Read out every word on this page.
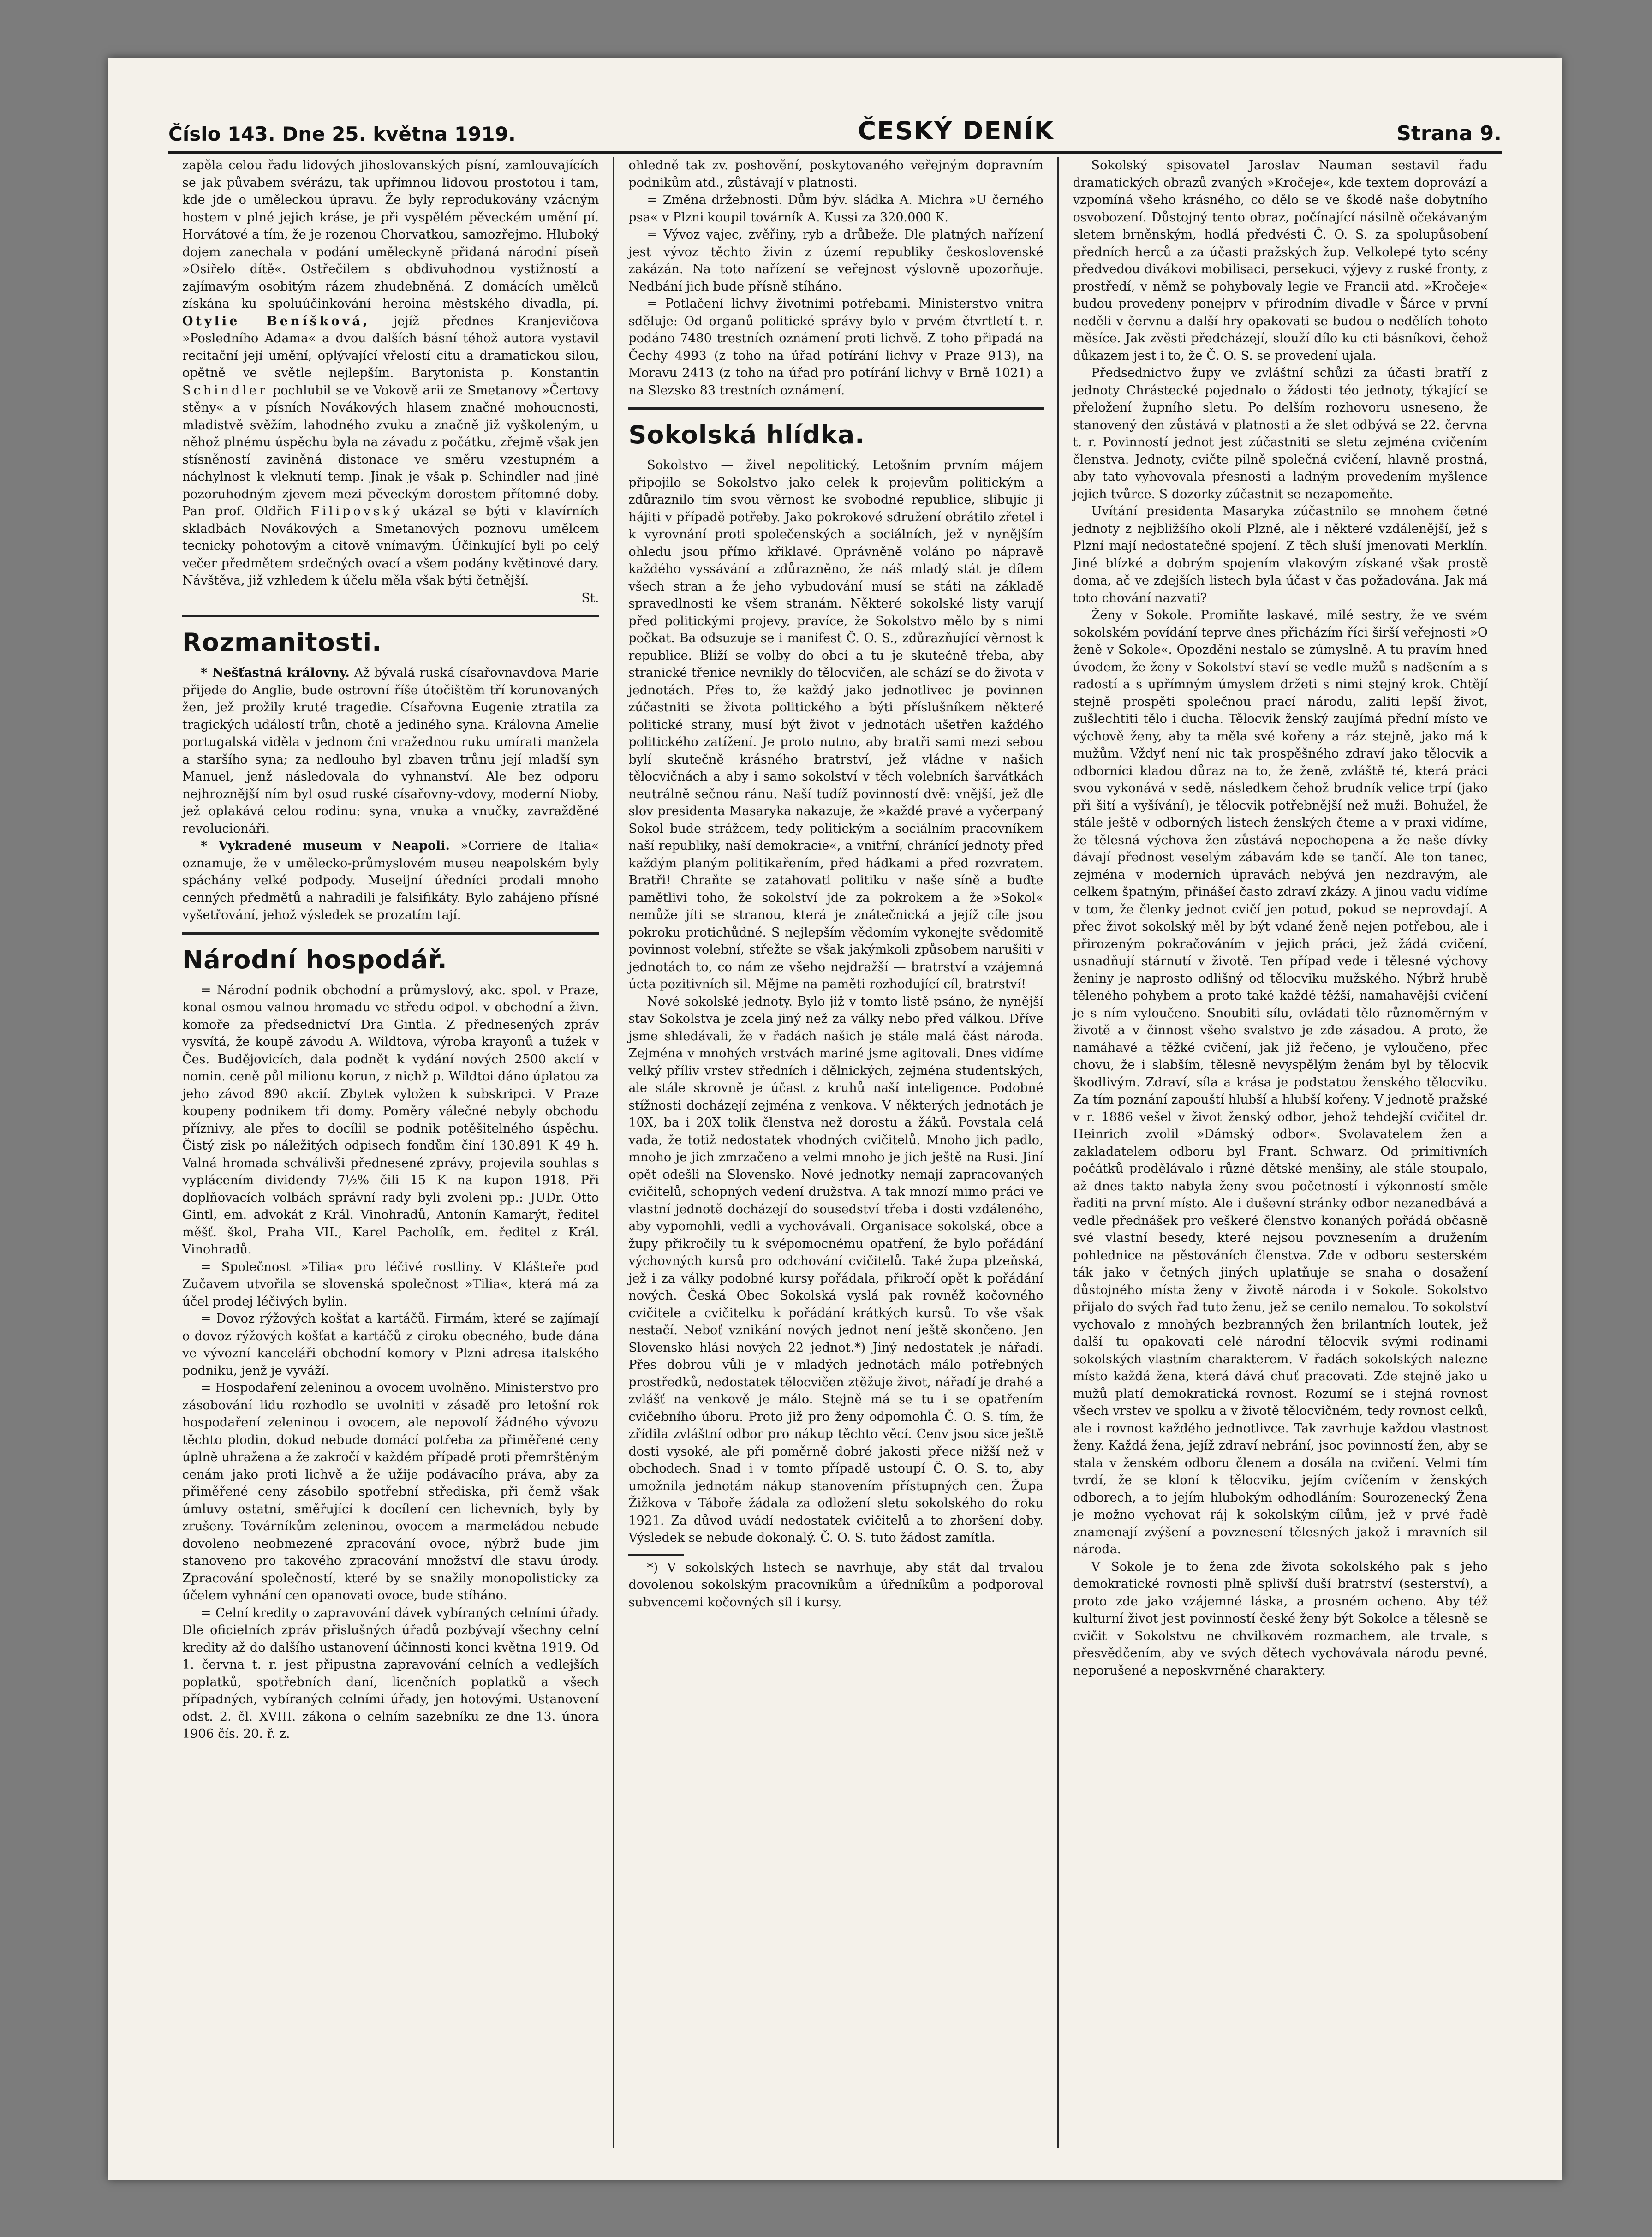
Číslo 143. Dne 25. května 1919.	ČESKÝ DENÍK	Strana 9.

zapěla celou řadu lidových jihoslovanských písní, zamlouvajících se jak půvabem svérázu, tak upřímnou lidovou prostotou i tam, kde jde o uměleckou úpravu. Že byly reprodukovány vzácným hostem v plné jejich kráse, je při vyspělém pěveckém umění pí. Horvátové a tím, že je rozenou Chorvatkou, samozřejmo. Hluboký dojem zanechala v podání uměleckyně přidaná národní píseň »Osiřelo dítě«. Ostřečilem s obdivuhodnou vystižností a zajímavým osobitým rázem zhudebněná. Z domácích umělců získána ku spoluúčinkování heroina městského divadla, pí. Otylie Beníšková, jejíž přednes Kranjevičova »Posledního Adama« a dvou dalších básní téhož autora vystavil recitační její umění, oplývající vřelostí citu a dramatickou silou, opětně ve světle nejlepším. Barytonista p. Konstantin Schindler pochlubil se ve Vokově arii ze Smetanovy »Čertovy stěny« a v písních Novákových hlasem značné mohoucnosti, mladistvě svěžím, lahodného zvuku a značně již vyškoleným, u něhož plnému úspěchu byla na závadu z počátku, zřejmě však jen stísněností zaviněná distonace ve směru vzestupném a náchylnost k vleknutí temp. Jinak je však p. Schindler nad jiné pozoruhodným zjevem mezi pěveckým dorostem přítomné doby. Pan prof. Oldřich Filipovský ukázal se býti v klavírních skladbách Novákových a Smetanových poznovu umělcem tecnicky pohotovým a citově vnímavým. Účinkující byli po celý večer předmětem srdečných ovací a všem podány květinové dary. Návštěva, již vzhledem k účelu měla však býti četnější.

St.

Rozmanitosti.

* Nešťastná královny. Až bývalá ruská císařovnavdova Marie přijede do Anglie, bude ostrovní říše útočištěm tří korunovaných žen, jež prožily kruté tragedie. Císařovna Eugenie ztratila za tragických událostí trůn, chotě a jediného syna. Královna Amelie portugalská viděla v jednom čni vražednou ruku umírati manžela a staršího syna; za nedlouho byl zbaven trůnu její mladší syn Manuel, jenž následovala do vyhnanství. Ale bez odporu nejhroznější ním byl osud ruské císařovny-vdovy, moderní Nioby, jež oplakává celou rodinu: syna, vnuka a vnučky, zavražděné revolucionáři.

* Vykradené museum v Neapoli. »Corriere de Italia« oznamuje, že v umělecko-průmyslovém museu neapolském byly spáchány velké podpody. Museijní úředníci prodali mnoho cenných předmětů a nahradili je falsifikáty. Bylo zahájeno přísné vyšetřování, jehož výsledek se prozatím tají.

Národní hospodář.

= Národní podnik obchodní a průmyslový, akc. spol. v Praze, konal osmou valnou hromadu ve středu odpol. v obchodní a živn. komoře za předsednictví Dra Gintla. Z přednesených zpráv vysvítá, že koupě závodu A. Wildtova, výroba krayonů a tužek v Čes. Budějovicích, dala podnět k vydání nových 2500 akcií v nomin. ceně půl milionu korun, z nichž p. Wildtoi dáno úplatou za jeho závod 890 akcií. Zbytek vyložen k subskripci. V Praze koupeny podnikem tři domy. Poměry válečné nebyly obchodu příznivy, ale přes to docílil se podnik potěšitelného úspěchu. Čistý zisk po náležitých odpisech fondům činí 130.891 K 49 h. Valná hromada schválivši přednesené zprávy, projevila souhlas s vyplácením dividendy 7½% čili 15 K na kupon 1918. Při doplňovacích volbách správní rady byli zvoleni pp.: JUDr. Otto Gintl, em. advokát z Král. Vinohradů, Antonín Kamarýt, ředitel měšť. škol, Praha VII., Karel Pacholík, em. ředitel z Král. Vinohradů.

= Společnost »Tilia« pro léčivé rostliny. V Klášteře pod Zučavem utvořila se slovenská společnost »Tilia«, která má za účel prodej léčivých bylin.

= Dovoz rýžových košťat a kartáčů. Firmám, které se zajímají o dovoz rýžových košťat a kartáčů z ciroku obecného, bude dána ve vývozní kanceláři obchodní komory v Plzni adresa italského podniku, jenž je vyváží.

= Hospodaření zeleninou a ovocem uvolněno. Ministerstvo pro zásobování lidu rozhodlo se uvolniti v zásadě pro letošní rok hospodaření zeleninou i ovocem, ale nepovolí žádného vývozu těchto plodin, dokud nebude domácí potřeba za přiměřené ceny úplně uhražena a že zakročí v každém případě proti přemrštěným cenám jako proti lichvě a že užije podávacího práva, aby za přiměřené ceny zásobilo spotřební střediska, při čemž však úmluvy ostatní, směřující k docílení cen lichevních, byly by zrušeny. Továrníkům zeleninou, ovocem a marmeládou nebude dovoleno neobmezené zpracování ovoce, nýbrž bude jim stanoveno pro takového zpracování množství dle stavu úrody. Zpracování společností, které by se snažily monopolisticky za účelem vyhnání cen opanovati ovoce, bude stíháno.

= Celní kredity o zapravování dávek vybíraných celními úřady. Dle oficielních zpráv přislušných úřadů pozbývají všechny celní kredity až do dalšího ustanovení účinnosti konci května 1919. Od 1. června t. r. jest připustna zapravování celních a vedlejších poplatků, spotřebních daní, licenčních poplatků a všech případných, vybíraných celními úřady, jen hotovými. Ustanovení odst. 2. čl. XVIII. zákona o celním sazebníku ze dne 13. února 1906 čís. 20. ř. z.

ohledně tak zv. poshovění, poskytovaného veřejným dopravním podnikům atd., zůstávají v platnosti.

= Změna držebnosti. Dům býv. sládka A. Michra »U černého psa« v Plzni koupil továrník A. Kussi za 320.000 K.

= Vývoz vajec, zvěřiny, ryb a drůbeže. Dle platných nařízení jest vývoz těchto živin z území republiky československé zakázán. Na toto nařízení se veřejnost výslovně upozorňuje. Nedbání jich bude přísně stíháno.

= Potlačení lichvy životními potřebami. Ministerstvo vnitra sděluje: Od organů politické správy bylo v prvém čtvrtletí t. r. podáno 7480 trestních oznámení proti lichvě. Z toho připadá na Čechy 4993 (z toho na úřad potírání lichvy v Praze 913), na Moravu 2413 (z toho na úřad pro potírání lichvy v Brně 1021) a na Slezsko 83 trestních oznámení.

Sokolská hlídka.

Sokolstvo — živel nepolitický. Letošním prvním májem připojilo se Sokolstvo jako celek k projevům politickým a zdůraznilo tím svou věrnost ke svobodné republice, slibujíc ji hájiti v případě potřeby. Jako pokrokové sdružení obrátilo zřetel i k vyrovnání proti společenských a sociálních, jež v nynějším ohledu jsou přímo křiklavé. Oprávněně voláno po nápravě každého vyssávání a zdůrazněno, že náš mladý stát je dílem všech stran a že jeho vybudování musí se státi na základě spravedlnosti ke všem stranám. Některé sokolské listy varují před politickými projevy, pravíce, že Sokolstvo mělo by s nimi počkat. Ba odsuzuje se i manifest Č. O. S., zdůrazňující věrnost k republice. Blíží se volby do obcí a tu je skutečně třeba, aby stranické třenice nevnikly do tělocvičen, ale schází se do života v jednotách. Přes to, že každý jako jednotlivec je povinnen zúčastniti se života politického a býti příslušníkem některé politické strany, musí být život v jednotách ušetřen každého politického zatížení. Je proto nutno, aby bratři sami mezi sebou bylí skutečně krásného bratrství, jež vládne v našich tělocvičnách a aby i samo sokolství v těch volebních šarvátkách neutrálně sečnou ránu. Naší tudíž povinností dvě: vnější, jež dle slov presidenta Masaryka nakazuje, že »každé pravé a vyčerpaný Sokol bude strážcem, tedy politickým a sociálním pracovníkem naší republiky, naší demokracie«, a vnitřní, chránící jednoty před každým planým politikařením, před hádkami a před rozvratem. Bratři! Chraňte se zatahovati politiku v naše síně a buďte pamětlivi toho, že sokolství jde za pokrokem a že »Sokol« nemůže jíti se stranou, která je znátečnická a jejíž cíle jsou pokroku protichůdné. S nejlepším vědomím vykonejte svědomitě povinnost volební, střežte se však jakýmkoli způsobem narušiti v jednotách to, co nám ze všeho nejdražší — bratrství a vzájemná úcta pozitivních sil. Mějme na paměti rozhodující cíl, bratrství!

Nové sokolské jednoty. Bylo již v tomto listě psáno, že nynější stav Sokolstva je zcela jiný než za války nebo před válkou. Dříve jsme shledávali, že v řadách našich je stále malá část národa. Zejména v mnohých vrstvách mariné jsme agitovali. Dnes vidíme velký příliv vrstev středních i dělnických, zejména studentských, ale stále skrovně je účast z kruhů naší inteligence. Podobné stížnosti docházejí zejména z venkova. V některých jednotách je 10X, ba i 20X tolik členstva než dorostu a žáků. Povstala celá vada, že totiž nedostatek vhodných cvičitelů. Mnoho jich padlo, mnoho je jich zmrzačeno a velmi mnoho je jich ještě na Rusi. Jiní opět odešli na Slovensko. Nové jednotky nemají zapracovaných cvičitelů, schopných vedení družstva. A tak mnozí mimo práci ve vlastní jednotě docházejí do sousedství třeba i dosti vzdáleného, aby vypomohli, vedli a vychovávali. Organisace sokolská, obce a župy přikročily tu k svépomocnému opatření, že bylo pořádání výchovných kursů pro odchování cvičitelů. Také župa plzeňská, jež i za války podobné kursy pořádala, přikročí opět k pořádání nových. Česká Obec Sokolská vyslá pak rovněž kočovného cvičitele a cvičitelku k pořádání krátkých kursů. To vše však nestačí. Neboť vznikání nových jednot není ještě skončeno. Jen Slovensko hlásí nových 22 jednot.*) Jiný nedostatek je nářadí. Přes dobrou vůli je v mladých jednotách málo potřebných prostředků, nedostatek tělocvičen ztěžuje život, nářadí je drahé a zvlášť na venkově je málo. Stejně má se tu i se opatřením cvičebního úboru. Proto již pro ženy odpomohla Č. O. S. tím, že zřídila zvláštní odbor pro nákup těchto věcí. Cenv jsou sice ještě dosti vysoké, ale při poměrně dobré jakosti přece nižší než v obchodech. Snad i v tomto případě ustoupí Č. O. S. to, aby umožnila jednotám nákup stanovením přístupných cen. Župa Žižkova v Táboře žádala za odložení sletu sokolského do roku 1921. Za důvod uvádí nedostatek cvičitelů a to zhoršení doby. Výsledek se nebude dokonalý. Č. O. S. tuto žádost zamítla.

*) V sokolských listech se navrhuje, aby stát dal trvalou dovolenou sokolským pracovníkům a úředníkům a podporoval subvencemi kočovných sil i kursy.

Sokolský spisovatel Jaroslav Nauman sestavil řadu dramatických obrazů zvaných »Kročeje«, kde textem doprovází a vzpomíná všeho krásného, co dělo se ve škodě naše dobytního osvobození. Důstojný tento obraz, počínající násilně očekávaným sletem brněnským, hodlá předvésti Č. O. S. za spolupůsobení předních herců a za účasti pražských žup. Velkolepé tyto scény předvedou divákovi mobilisaci, persekuci, výjevy z ruské fronty, z prostředí, v němž se pohybovaly legie ve Francii atd. »Kročeje« budou provedeny ponejprv v přírodním divadle v Šárce v první neděli v červnu a další hry opakovati se budou o nedělích tohoto měsíce. Jak zvěsti předcházejí, slouží dílo ku cti básníkovi, čehož důkazem jest i to, že Č. O. S. se provedení ujala.

Předsednictvo župy ve zvláštní schůzi za účasti bratří z jednoty Chrástecké pojednalo o žádosti téo jednoty, týkající se přeložení župního sletu. Po delším rozhovoru usneseno, že stanovený den zůstává v platnosti a že slet odbývá se 22. června t. r. Povinností jednot jest zúčastniti se sletu zejména cvičením členstva. Jednoty, cvičte pilně společná cvičení, hlavně prostná, aby tato vyhovovala přesnosti a ladným provedením myšlence jejich tvůrce. S dozorky zúčastnit se nezapomeňte.

Uvítání presidenta Masaryka zúčastnilo se mnohem četné jednoty z nejbližšího okolí Plzně, ale i některé vzdálenější, jež s Plzní mají nedostatečné spojení. Z těch sluší jmenovati Merklín. Jiné blízké a dobrým spojením vlakovým získané však prostě doma, ač ve zdejších listech byla účast v čas požadována. Jak má toto chování nazvati?

Ženy v Sokole. Promiňte laskavé, milé sestry, že ve svém sokolském povídání teprve dnes přicházím říci širší veřejnosti »O ženě v Sokole«. Opozdění nestalo se zúmyslně. A tu pravím hned úvodem, že ženy v Sokolství staví se vedle mužů s nadšením a s radostí a s upřímným úmyslem držeti s nimi stejný krok. Chtějí stejně prospěti společnou prací národu, zaliti lepší život, zušlechtiti tělo i ducha. Tělocvik ženský zaujímá přední místo ve výchově ženy, aby ta měla své kořeny a ráz stejně, jako má k mužům. Vždyť není nic tak prospěšného zdraví jako tělocvik a odborníci kladou důraz na to, že ženě, zvláště té, která práci svou vykonává v sedě, následkem čehož brudník velice trpí (jako při šití a vyšívání), je tělocvik potřebnější než muži. Bohužel, že stále ještě v odborných listech ženských čteme a v praxi vidíme, že tělesná výchova žen zůstává nepochopena a že naše dívky dávají přednost veselým zábavám kde se tančí. Ale ton tanec, zejména v moderních úpravách nebývá jen nezdravým, ale celkem špatným, přinášeí často zdraví zkázy. A jinou vadu vidíme v tom, že členky jednot cvičí jen potud, pokud se neprovdají. A přec život sokolský měl by být vdané ženě nejen potřebou, ale i přirozeným pokračováním v jejich práci, jež žádá cvičení, usnadňují stárnutí v životě. Ten případ vede i tělesné výchovy ženiny je naprosto odlišný od tělocviku mužského. Nýbrž hrubě těleného pohybem a proto také každé těžší, namahavější cvičení je s ním vyloučeno. Snoubiti sílu, ovládati tělo různoměrným v životě a v činnost všeho svalstvo je zde zásadou. A proto, že namáhavé a těžké cvičení, jak již řečeno, je vyloučeno, přec chovu, že i slabším, tělesně nevyspělým ženám byl by tělocvik škodlivým. Zdraví, síla a krása je podstatou ženského tělocviku. Za tím poznání zapouští hlubší a hlubší kořeny. V jednotě pražské v r. 1886 vešel v život ženský odbor, jehož tehdejší cvičitel dr. Heinrich zvolil »Dámský odbor«. Svolavatelem žen a zakladatelem odboru byl Frant. Schwarz. Od primitivních počátků prodělávalo i různé dětské menšiny, ale stále stoupalo, až dnes takto nabyla ženy svou početností i výkonností směle řaditi na první místo. Ale i duševní stránky odbor nezanedbává a vedle přednášek pro veškeré členstvo konaných pořádá občasně své vlastní besedy, které nejsou povznesením a družením pohlednice na pěstováních členstva. Zde v odboru sesterském ták jako v četných jiných uplatňuje se snaha o dosažení důstojného místa ženy v životě národa i v Sokole. Sokolstvo přijalo do svých řad tuto ženu, jež se cenilo nemalou. To sokolství vychovalo z mnohých bezbranných žen brilantních loutek, jež další tu opakovati celé národní tělocvik svými rodinami sokolských vlastním charakterem. V řadách sokolských nalezne místo každá žena, která dává chuť pracovati. Zde stejně jako u mužů platí demokratická rovnost. Rozumí se i stejná rovnost všech vrstev ve spolku a v životě tělocvičném, tedy rovnost celků, ale i rovnost každého jednotlivce. Tak zavrhuje každou vlastnost ženy. Každá žena, jejíž zdraví nebrání, jsoc povinností žen, aby se stala v ženském odboru členem a dosála na cvičení. Velmi tím tvrdí, že se kloní k tělocviku, jejím cvíčením v ženských odborech, a to jejím hlubokým odhodláním: Sourozenecký Žena je možno vychovat ráj k sokolským cílům, jež v prvé řadě znamenají zvýšení a povznesení tělesných jakož i mravních sil národa.

V Sokole je to žena zde života sokolského pak s jeho demokratické rovnosti plně splivší duší bratrství (sesterství), a proto zde jako vzájemné láska, a prosném ocheno. Aby též kulturní život jest povinností české ženy být Sokolce a tělesně se cvičit v Sokolstvu ne chvilkovém rozmachem, ale trvale, s přesvědčením, aby ve svých dětech vychovávala národu pevné, neporušené a neposkvrněné charaktery.
